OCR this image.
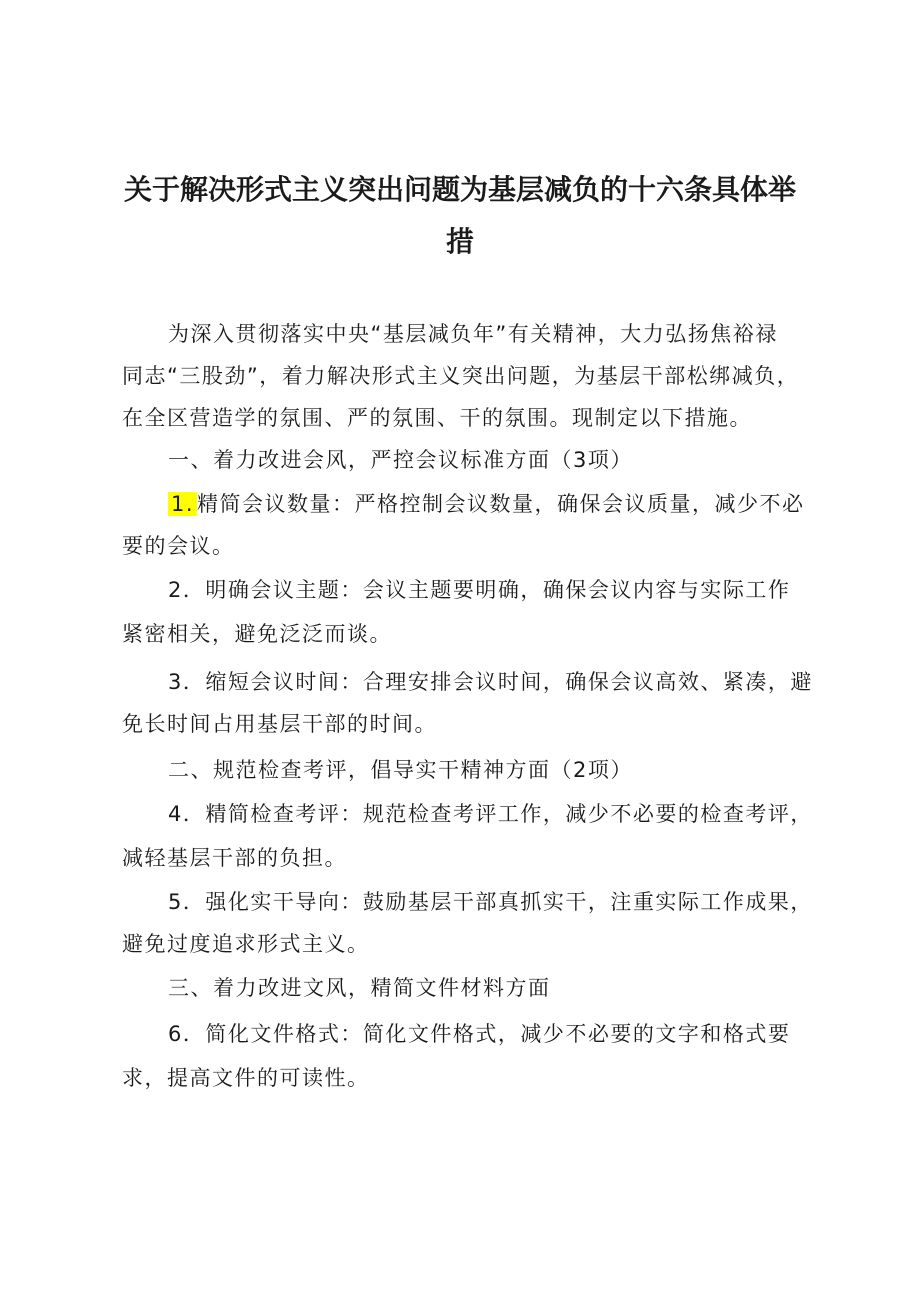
关于解决形式主义突出问题为基层减负的十六条具体举
措
为深入贯彻落实中央“基层减负年”有关精神，大力弘扬焦裕禄
同志“三股劲”，着力解决形式主义突出问题，为基层干部松绑减负，
在全区营造学的氛围、严的氛围、干的氛围。现制定以下措施。
一、着力改进会风，严控会议标准方面（3项）
1. 精简会议数量：严格控制会议数量，确保会议质量，减少不必
要的会议。
2．明确会议主题：会议主题要明确，确保会议内容与实际工作
紧密相关，避免泛泛而谈。
3．缩短会议时间：合理安排会议时间，确保会议高效、紧凑，避
免长时间占用基层干部的时间。
二、规范检查考评，倡导实干精神方面（2项）
4．精简检查考评：规范检查考评工作，减少不必要的检查考评，
减轻基层干部的负担。
5．强化实干导向：鼓励基层干部真抓实干，注重实际工作成果，
避免过度追求形式主义。
三、着力改进文风，精简文件材料方面
6．简化文件格式：简化文件格式，减少不必要的文字和格式要
求，提高文件的可读性。
